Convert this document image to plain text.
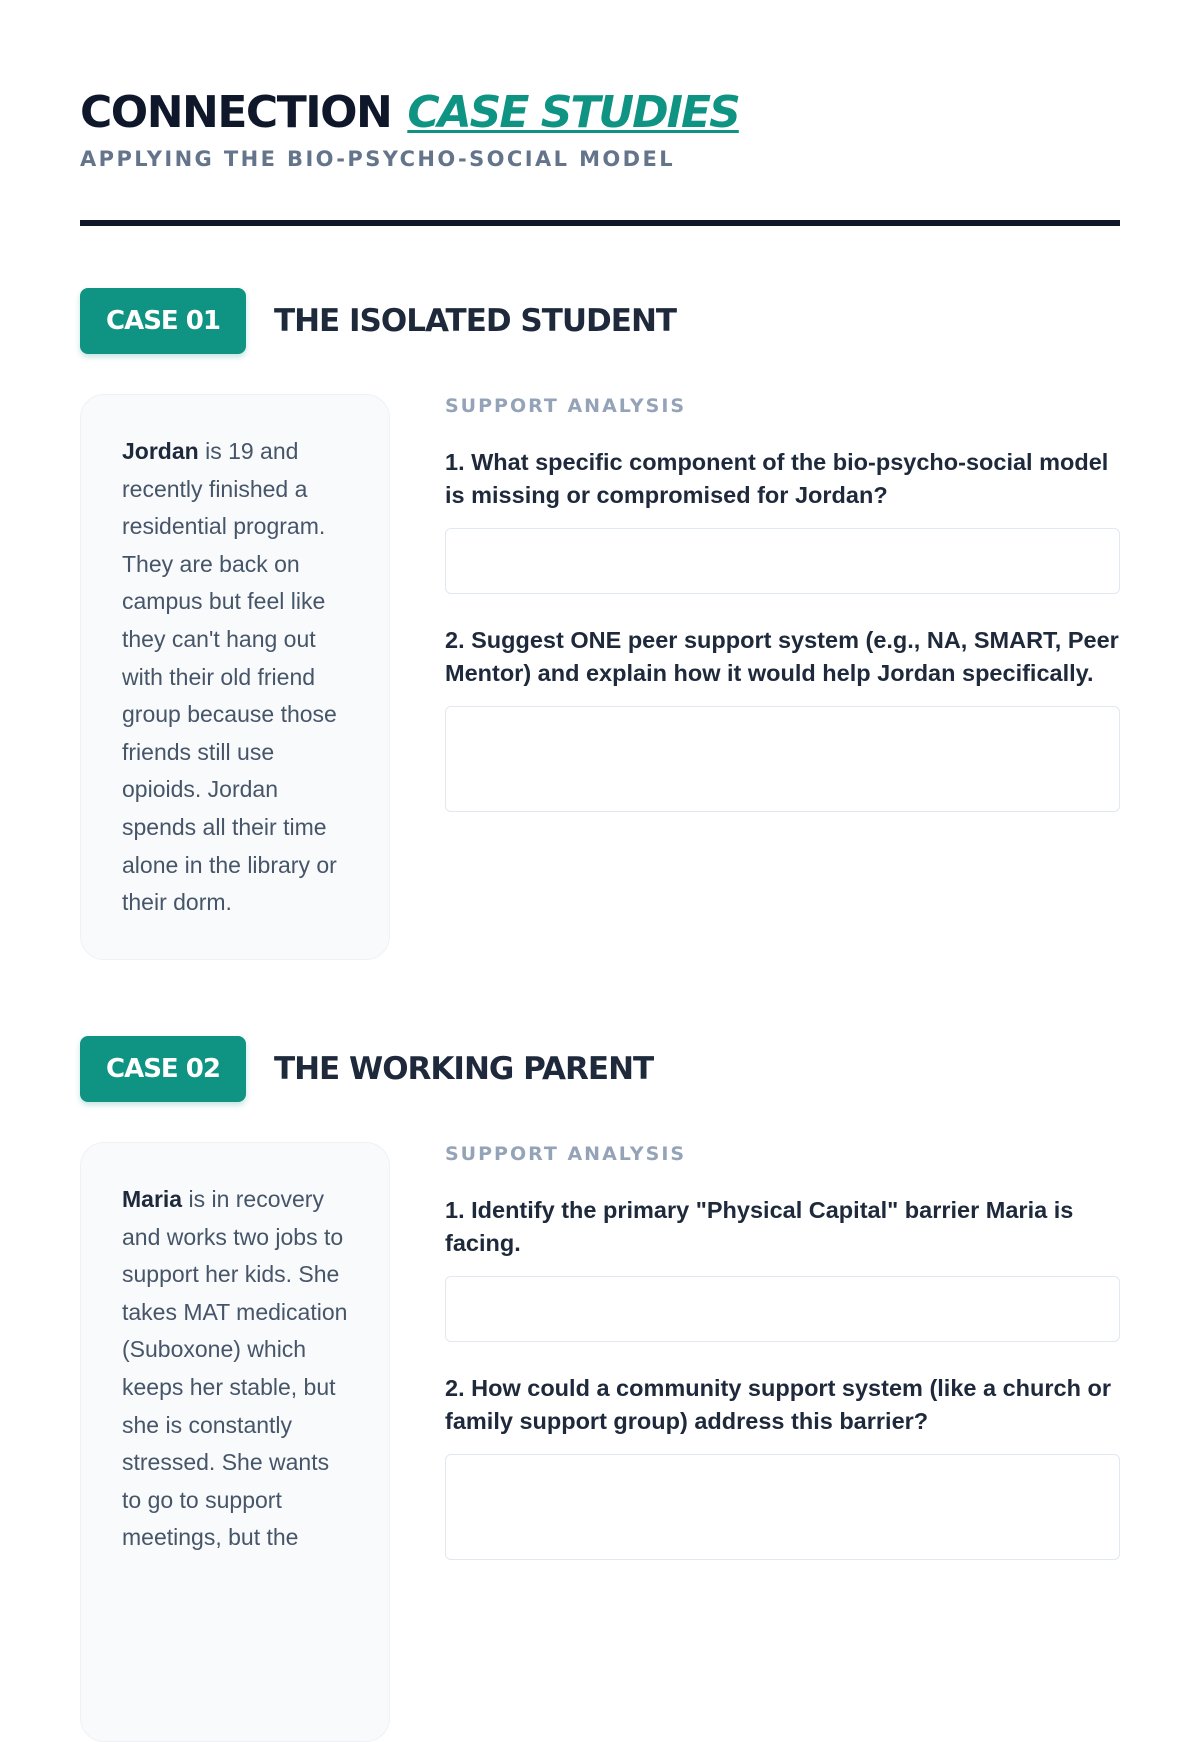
CONNECTION CASE STUDIES
APPLYING THE BIO-PSYCHO-SOCIAL MODEL
CASE 01	THE ISOLATED STUDENT
Jordan is 19 and recently finished a residential program. They are back on campus but feel like they can't hang out with their old friend group because those friends still use opioids. Jordan spends all their time alone in the library or their dorm.
SUPPORT ANALYSIS
1. What specific component of the bio-psycho-social model is missing or compromised for Jordan?
2. Suggest ONE peer support system (e.g., NA, SMART, Peer Mentor) and explain how it would help Jordan specifically.
CASE 02	THE WORKING PARENT
Maria is in recovery and works two jobs to support her kids. She takes MAT medication (Suboxone) which keeps her stable, but she is constantly stressed. She wants to go to support meetings, but the
SUPPORT ANALYSIS
1. Identify the primary "Physical Capital" barrier Maria is facing.
2. How could a community support system (like a church or family support group) address this barrier?
